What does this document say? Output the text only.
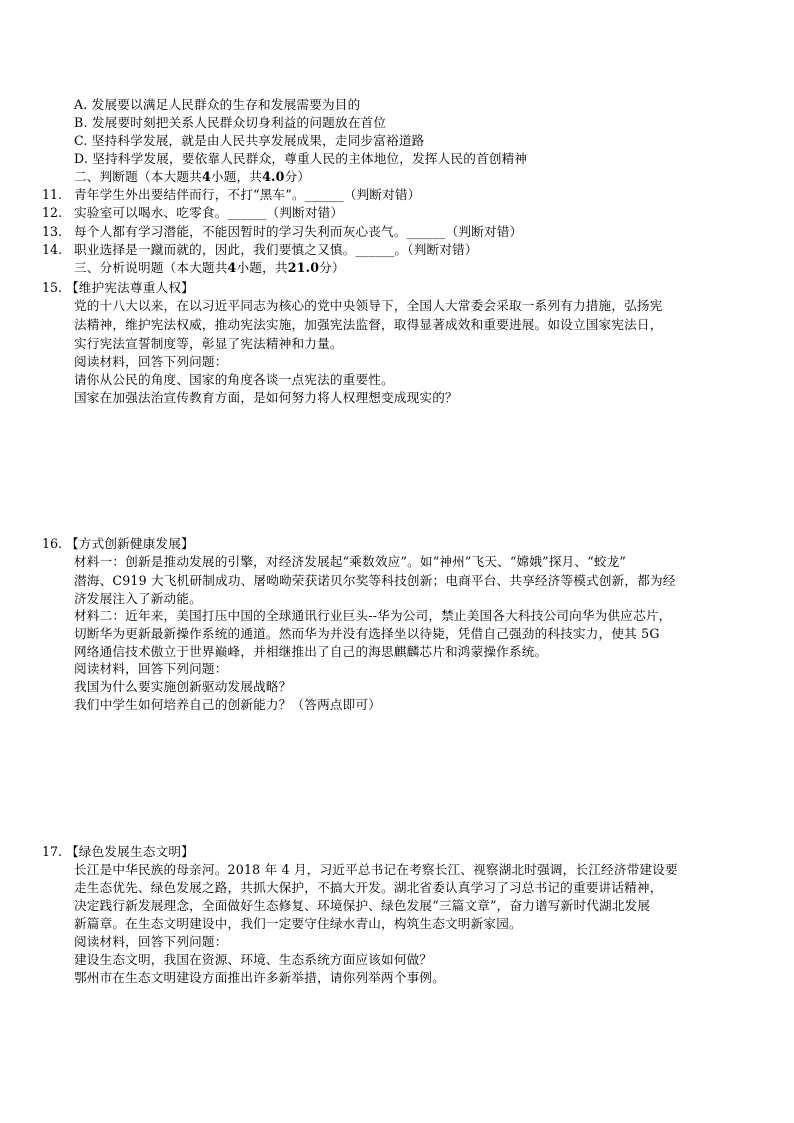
A. 发展要以满足人民群众的生存和发展需要为目的
B. 发展要时刻把关系人民群众切身利益的问题放在首位
C. 坚持科学发展，就是由人民共享发展成果，走同步富裕道路
D. 坚持科学发展，要依靠人民群众，尊重人民的主体地位，发挥人民的首创精神
二、判断题（本大题共4小题，共4.0分）
11. 青年学生外出要结伴而行，不打“黑车”。______（判断对错）
12. 实验室可以喝水、吃零食。______（判断对错）
13. 每个人都有学习潜能，不能因暂时的学习失利而灰心丧气。______（判断对错）
14. 职业选择是一蹴而就的，因此，我们要慎之又慎。______。（判断对错）
三、分析说明题（本大题共4小题，共21.0分）
15. 【维护宪法尊重人权】
党的十八大以来，在以习近平同志为核心的党中央领导下，全国人大常委会采取一系列有力措施，弘扬宪
法精神，维护宪法权威，推动宪法实施，加强宪法监督，取得显著成效和重要进展。如设立国家宪法日，
实行宪法宣誓制度等，彰显了宪法精神和力量。
阅读材料，回答下列问题：
请你从公民的角度、国家的角度各谈一点宪法的重要性。
国家在加强法治宣传教育方面，是如何努力将人权理想变成现实的？
16. 【方式创新健康发展】
材料一：创新是推动发展的引擎，对经济发展起“乘数效应”。如“神州”飞天、“嫦娥”探月、“蛟龙”
潜海、C919 大飞机研制成功、屠呦呦荣获诺贝尔奖等科技创新；电商平台、共享经济等模式创新，都为经
济发展注入了新动能。
材料二：近年来，美国打压中国的全球通讯行业巨头--华为公司，禁止美国各大科技公司向华为供应芯片，
切断华为更新最新操作系统的通道。然而华为并没有选择坐以待毙，凭借自己强劲的科技实力，使其 5G
网络通信技术傲立于世界巅峰，并相继推出了自己的海思麒麟芯片和鸿蒙操作系统。
阅读材料，回答下列问题：
我国为什么要实施创新驱动发展战略？
我们中学生如何培养自己的创新能力？（答两点即可）
17. 【绿色发展生态文明】
长江是中华民族的母亲河。2018 年 4 月，习近平总书记在考察长江、视察湖北时强调，长江经济带建设要
走生态优先、绿色发展之路，共抓大保护，不搞大开发。湖北省委认真学习了习总书记的重要讲话精神，
决定践行新发展理念，全面做好生态修复、环境保护、绿色发展“三篇文章”，奋力谱写新时代湖北发展
新篇章。在生态文明建设中，我们一定要守住绿水青山，构筑生态文明新家园。
阅读材料，回答下列问题：
建设生态文明，我国在资源、环境、生态系统方面应该如何做？
鄂州市在生态文明建设方面推出许多新举措，请你列举两个事例。
